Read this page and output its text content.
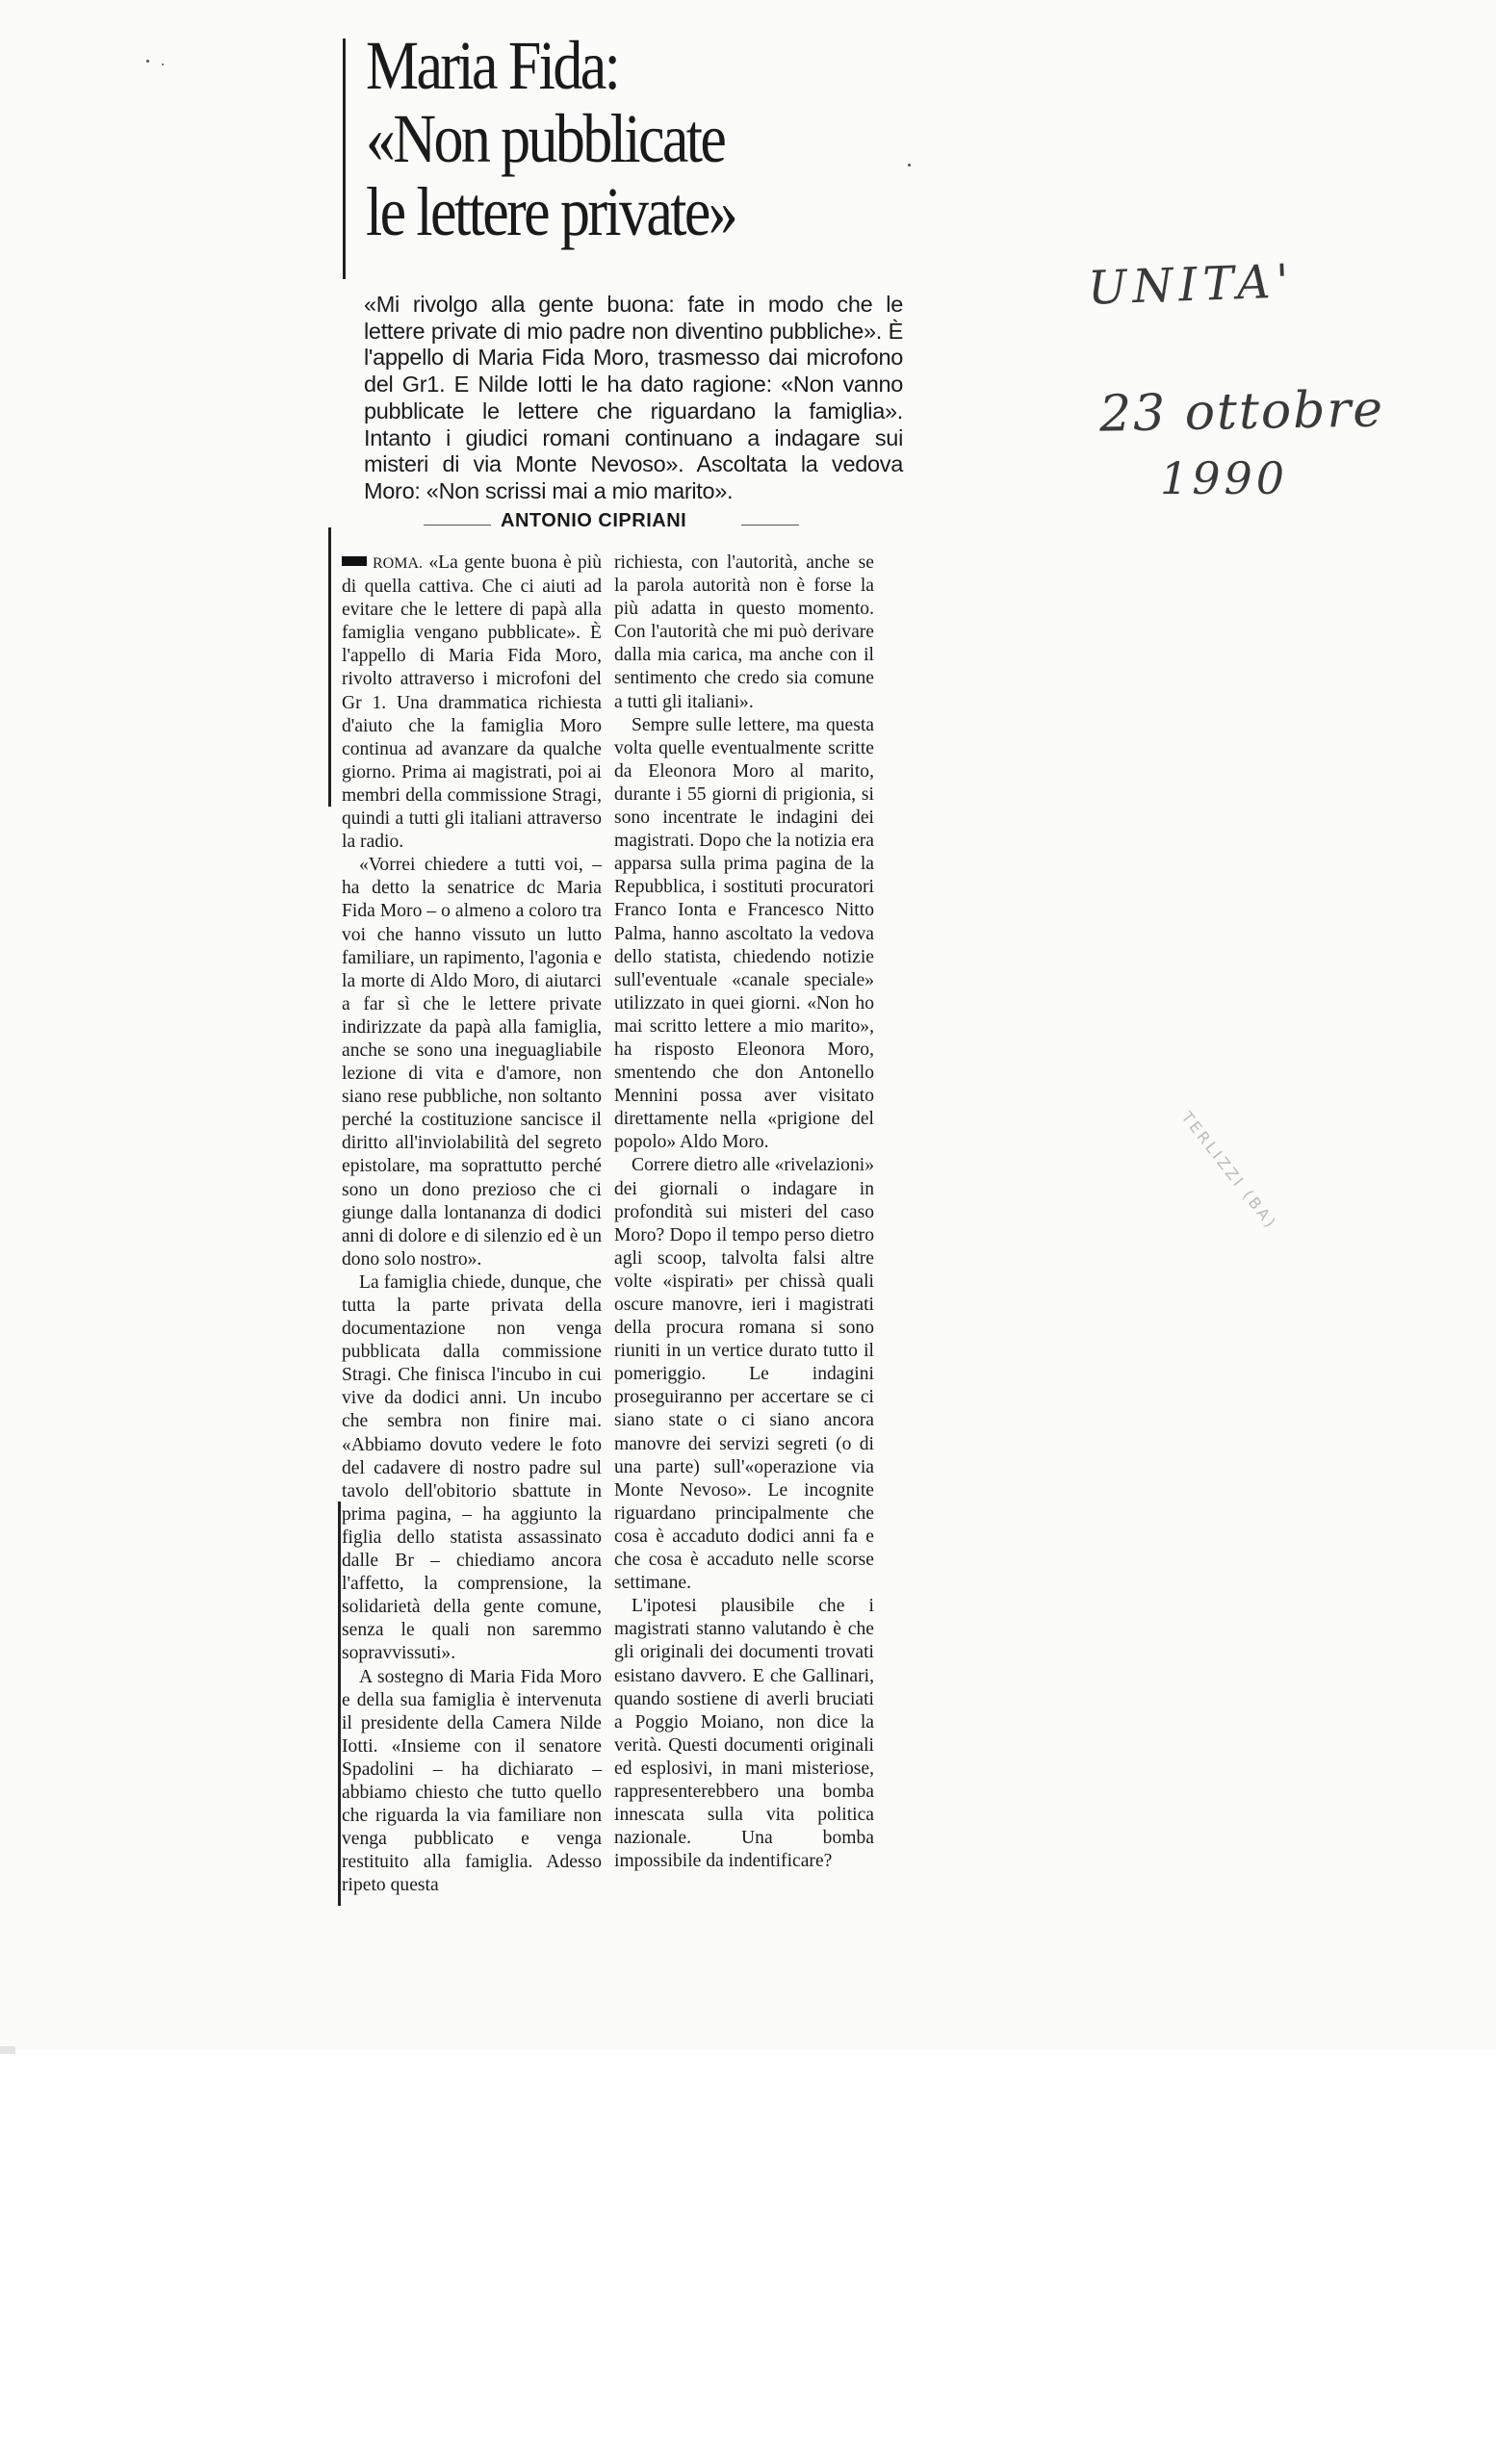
Maria Fida:
«Non pubblicate
le lettere private»

«Mi rivolgo alla gente buona: fate in modo che le lettere private di mio padre non diventino pubbliche». È l'appello di Maria Fida Moro, trasmesso dai microfono del Gr1. E Nilde Iotti le ha dato ragione: «Non vanno pubblicate le lettere che riguardano la famiglia». Intanto i giudici romani continuano a indagare sui misteri di via Monte Nevoso». Ascoltata la vedova Moro: «Non scrissi mai a mio marito».

ANTONIO CIPRIANI

ROMA. «La gente buona è più di quella cattiva. Che ci aiuti ad evitare che le lettere di papà alla famiglia vengano pubblicate». È l'appello di Maria Fida Moro, rivolto attraverso i microfoni del Gr 1. Una drammatica richiesta d'aiuto che la famiglia Moro continua ad avanzare da qualche giorno. Prima ai magistrati, poi ai membri della commissione Stragi, quindi a tutti gli italiani attraverso la radio.

«Vorrei chiedere a tutti voi, – ha detto la senatrice dc Maria Fida Moro – o almeno a coloro tra voi che hanno vissuto un lutto familiare, un rapimento, l'agonia e la morte di Aldo Moro, di aiutarci a far sì che le lettere private indirizzate da papà alla famiglia, anche se sono una ineguagliabile lezione di vita e d'amore, non siano rese pubbliche, non soltanto perché la costituzione sancisce il diritto all'inviolabilità del segreto epistolare, ma soprattutto perché sono un dono prezioso che ci giunge dalla lontananza di dodici anni di dolore e di silenzio ed è un dono solo nostro».

La famiglia chiede, dunque, che tutta la parte privata della documentazione non venga pubblicata dalla commissione Stragi. Che finisca l'incubo in cui vive da dodici anni. Un incubo che sembra non finire mai. «Abbiamo dovuto vedere le foto del cadavere di nostro padre sul tavolo dell'obitorio sbattute in prima pagina, – ha aggiunto la figlia dello statista assassinato dalle Br – chiediamo ancora l'affetto, la comprensione, la solidarietà della gente comune, senza le quali non saremmo sopravvissuti».

A sostegno di Maria Fida Moro e della sua famiglia è intervenuta il presidente della Camera Nilde Iotti. «Insieme con il senatore Spadolini – ha dichiarato – abbiamo chiesto che tutto quello che riguarda la via familiare non venga pubblicato e venga restituito alla famiglia. Adesso ripeto questa

richiesta, con l'autorità, anche se la parola autorità non è forse la più adatta in questo momento. Con l'autorità che mi può derivare dalla mia carica, ma anche con il sentimento che credo sia comune a tutti gli italiani».

Sempre sulle lettere, ma questa volta quelle eventualmente scritte da Eleonora Moro al marito, durante i 55 giorni di prigionia, si sono incentrate le indagini dei magistrati. Dopo che la notizia era apparsa sulla prima pagina de la Repubblica, i sostituti procuratori Franco Ionta e Francesco Nitto Palma, hanno ascoltato la vedova dello statista, chiedendo notizie sull'eventuale «canale speciale» utilizzato in quei giorni. «Non ho mai scritto lettere a mio marito», ha risposto Eleonora Moro, smentendo che don Antonello Mennini possa aver visitato direttamente nella «prigione del popolo» Aldo Moro.

Correre dietro alle «rivelazioni» dei giornali o indagare in profondità sui misteri del caso Moro? Dopo il tempo perso dietro agli scoop, talvolta falsi altre volte «ispirati» per chissà quali oscure manovre, ieri i magistrati della procura romana si sono riuniti in un vertice durato tutto il pomeriggio. Le indagini proseguiranno per accertare se ci siano state o ci siano ancora manovre dei servizi segreti (o di una parte) sull'«operazione via Monte Nevoso». Le incognite riguardano principalmente che cosa è accaduto dodici anni fa e che cosa è accaduto nelle scorse settimane.

L'ipotesi plausibile che i magistrati stanno valutando è che gli originali dei documenti trovati esistano davvero. E che Gallinari, quando sostiene di averli bruciati a Poggio Moiano, non dice la verità. Questi documenti originali ed esplosivi, in mani misteriose, rappresenterebbero una bomba innescata sulla vita politica nazionale. Una bomba impossibile da indentificare?

UNITA'
23 ottobre
1990
TERLIZZI (BA)
